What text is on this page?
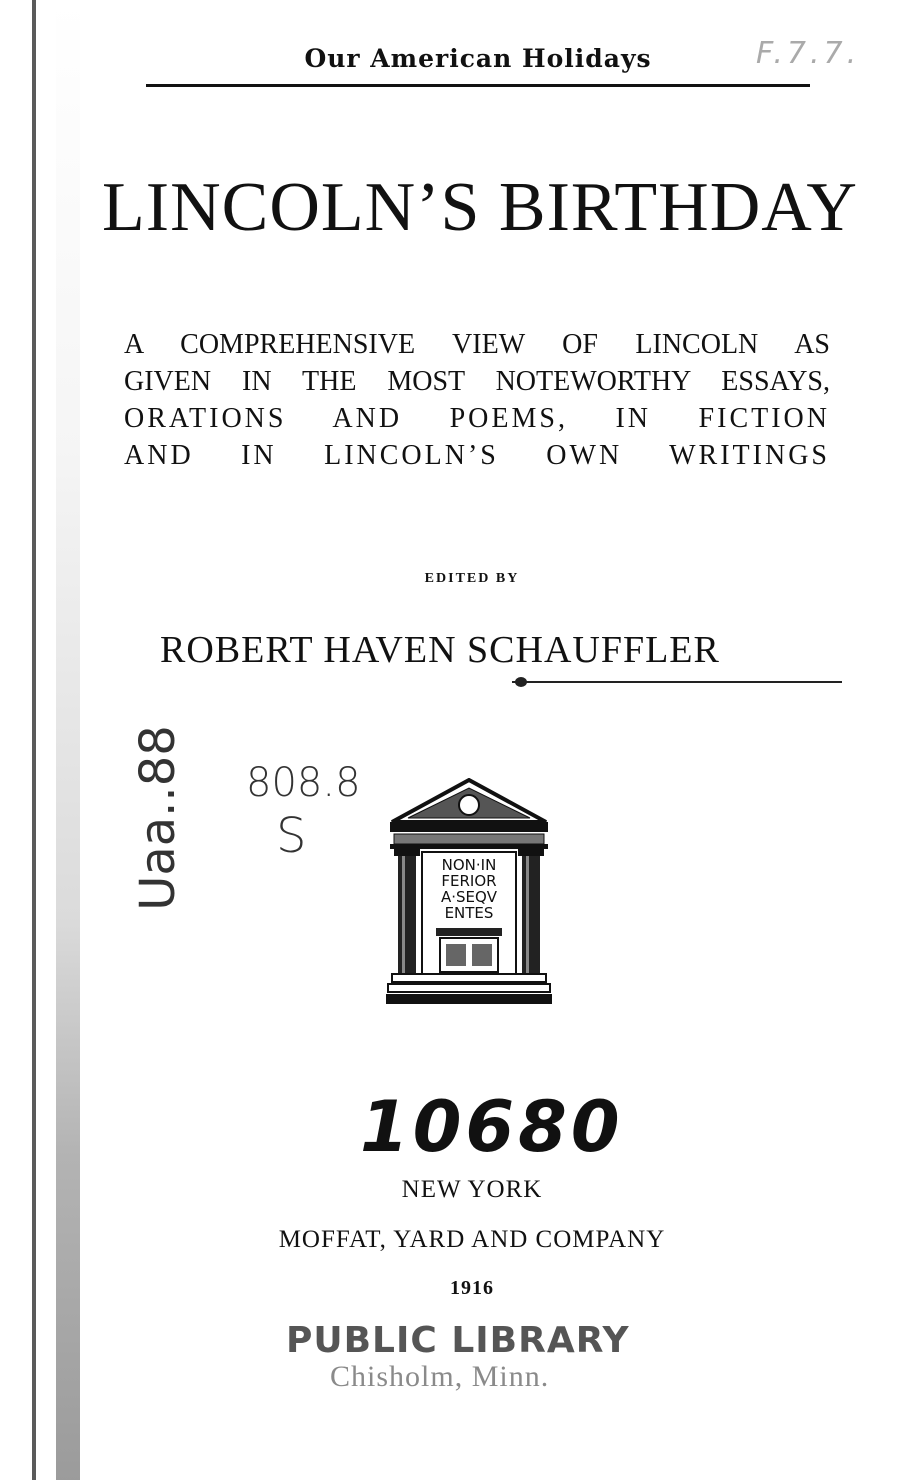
Our American Holidays	F.7.7.
LINCOLN’S BIRTHDAY
A COMPREHENSIVE VIEW OF LINCOLN AS
GIVEN IN THE MOST NOTEWORTHY ESSAYS,
ORATIONS AND POEMS, IN FICTION
AND IN LINCOLN’S OWN WRITINGS
EDITED BY
ROBERT HAVEN SCHAUFFLER
Uaa..88 808.8
S
NON·IN
FERIOR
A·SEQV
ENTES
10680
NEW YORK
MOFFAT, YARD AND COMPANY
1916
PUBLIC LIBRARY
Chisholm, Minn.
